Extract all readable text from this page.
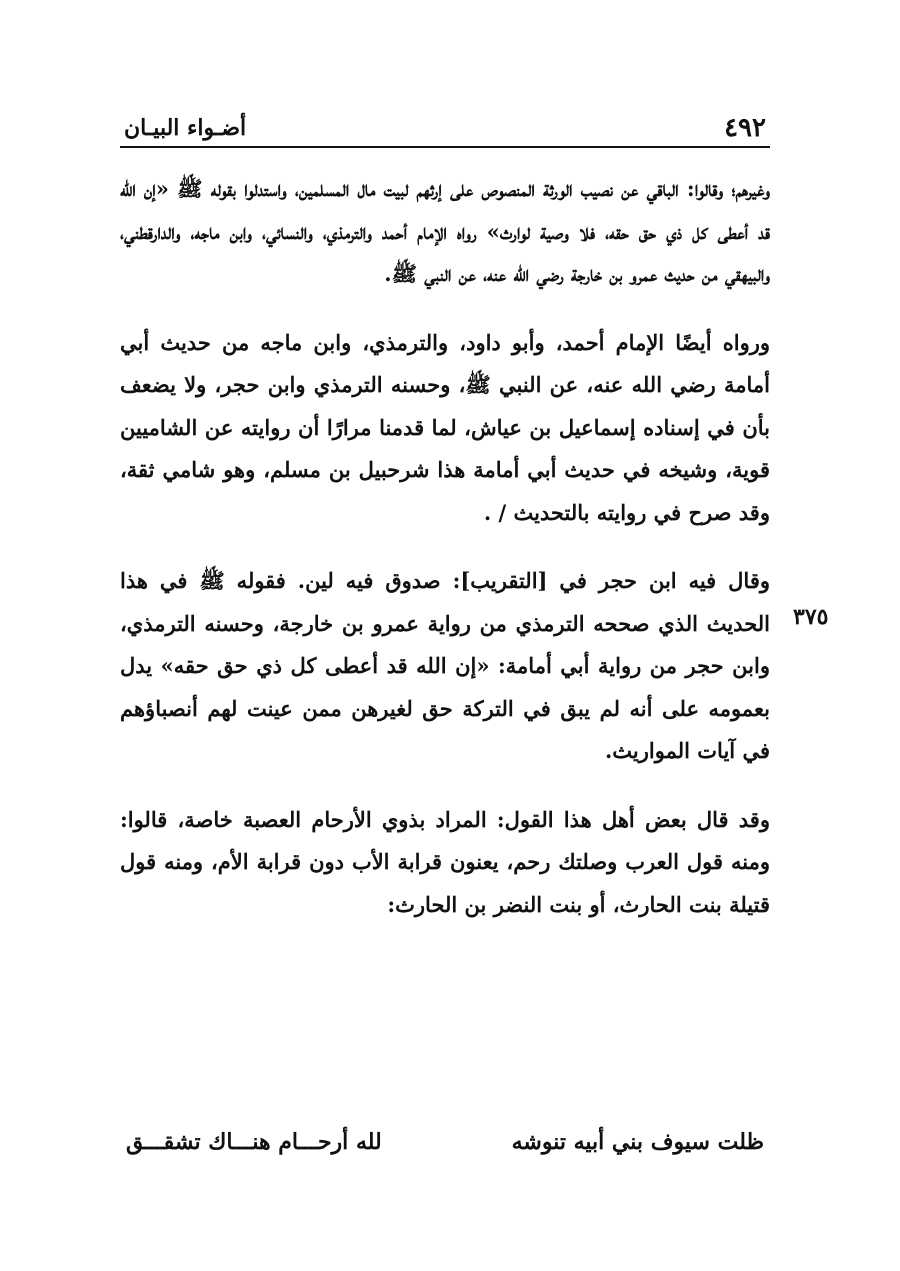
٤٩٢
أضـواء البيـان
٣٧٥

وغيرهم؛ وقالوا: الباقي عن نصيب الورثة المنصوص على إرثهم لبيت مال المسلمين، واستدلوا بقوله ﷺ «إن الله قد أعطى كل ذي حق حقه، فلا وصية لوارث» رواه الإمام أحمد والترمذي، والنسائي، وابن ماجه، والدارقطني، والبيهقي من حديث عمرو بن خارجة رضي الله عنه، عن النبي ﷺ.

ورواه أيضًا الإمام أحمد، وأبو داود، والترمذي، وابن ماجه من حديث أبي أمامة رضي الله عنه، عن النبي ﷺ، وحسنه الترمذي وابن حجر، ولا يضعف بأن في إسناده إسماعيل بن عياش، لما قدمنا مرارًا أن روايته عن الشاميين قوية، وشيخه في حديث أبي أمامة هذا شرحبيل بن مسلم، وهو شامي ثقة، وقد صرح في روايته بالتحديث / .

وقال فيه ابن حجر في [التقريب]: صدوق فيه لين. فقوله ﷺ في هذا الحديث الذي صححه الترمذي من رواية عمرو بن خارجة، وحسنه الترمذي، وابن حجر من رواية أبي أمامة: «إن الله قد أعطى كل ذي حق حقه» يدل بعمومه على أنه لم يبق في التركة حق لغيرهن ممن عينت لهم أنصباؤهم في آيات المواريث.

وقد قال بعض أهل هذا القول: المراد بذوي الأرحام العصبة خاصة، قالوا: ومنه قول العرب وصلتك رحم، يعنون قرابة الأب دون قرابة الأم، ومنه قول قتيلة بنت الحارث، أو بنت النضر بن الحارث:

ظلت سيوف بني أبيه تنوشه
لله أرحـــام هنـــاك تشقـــق
